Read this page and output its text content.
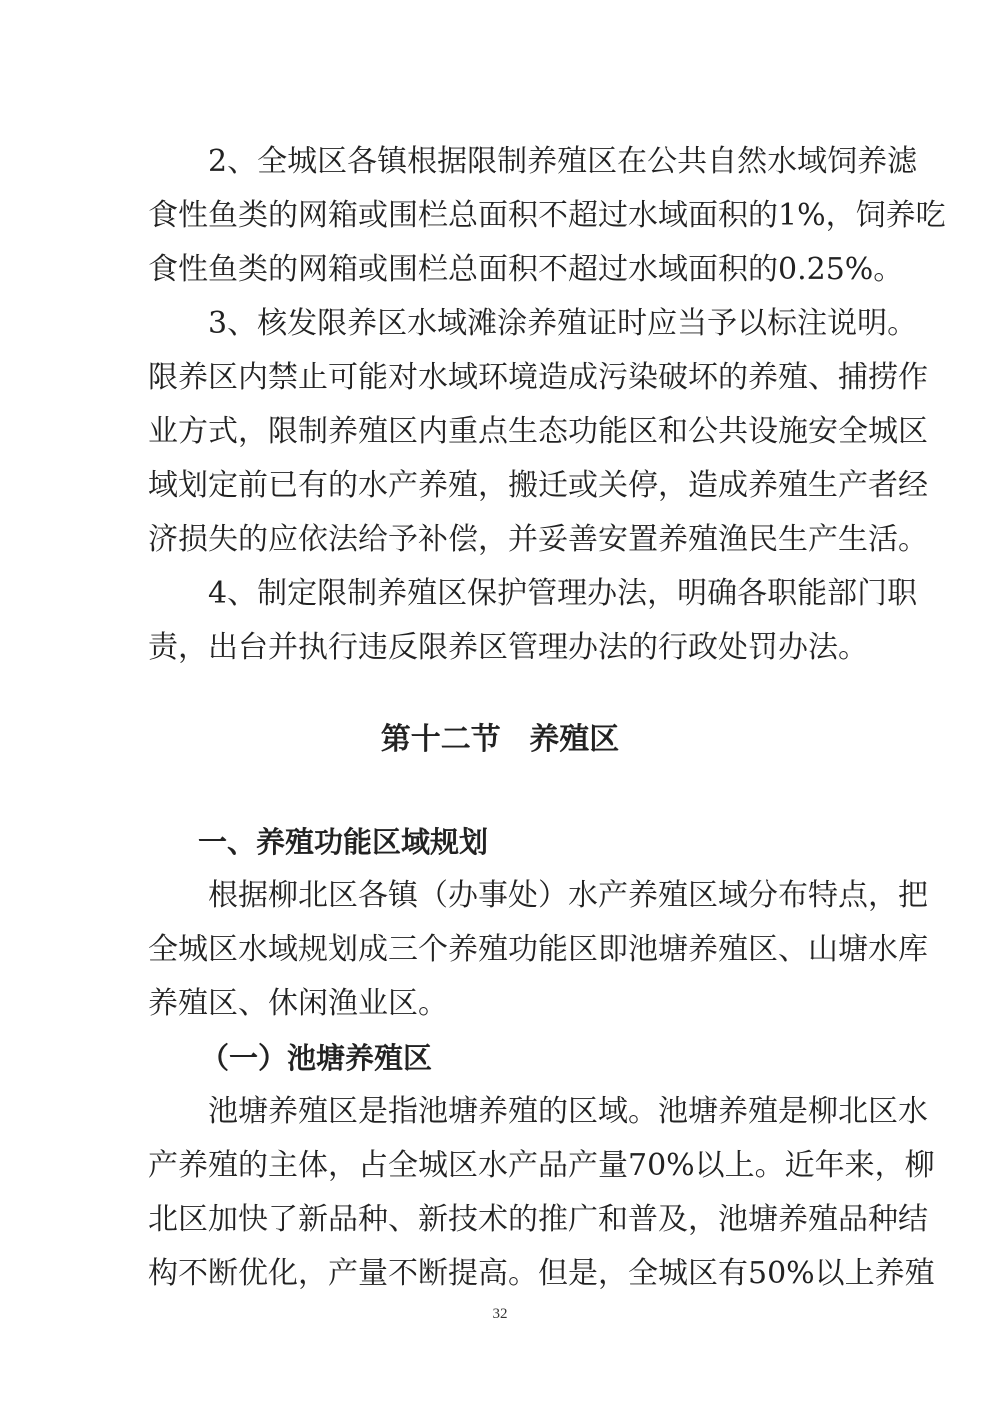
2、全城区各镇根据限制养殖区在公共自然水域饲养滤
食性鱼类的网箱或围栏总面积不超过水域面积的1%，饲养吃
食性鱼类的网箱或围栏总面积不超过水域面积的0.25%。
3、核发限养区水域滩涂养殖证时应当予以标注说明。
限养区内禁止可能对水域环境造成污染破坏的养殖、捕捞作
业方式，限制养殖区内重点生态功能区和公共设施安全城区
域划定前已有的水产养殖，搬迁或关停，造成养殖生产者经
济损失的应依法给予补偿，并妥善安置养殖渔民生产生活。
4、制定限制养殖区保护管理办法，明确各职能部门职
责，出台并执行违反限养区管理办法的行政处罚办法。
第十二节 养殖区
一、养殖功能区域规划
根据柳北区各镇（办事处）水产养殖区域分布特点，把
全城区水域规划成三个养殖功能区即池塘养殖区、山塘水库
养殖区、休闲渔业区。
（一）池塘养殖区
池塘养殖区是指池塘养殖的区域。池塘养殖是柳北区水
产养殖的主体，占全城区水产品产量70%以上。近年来，柳
北区加快了新品种、新技术的推广和普及，池塘养殖品种结
构不断优化，产量不断提高。但是，全城区有50%以上养殖
32
